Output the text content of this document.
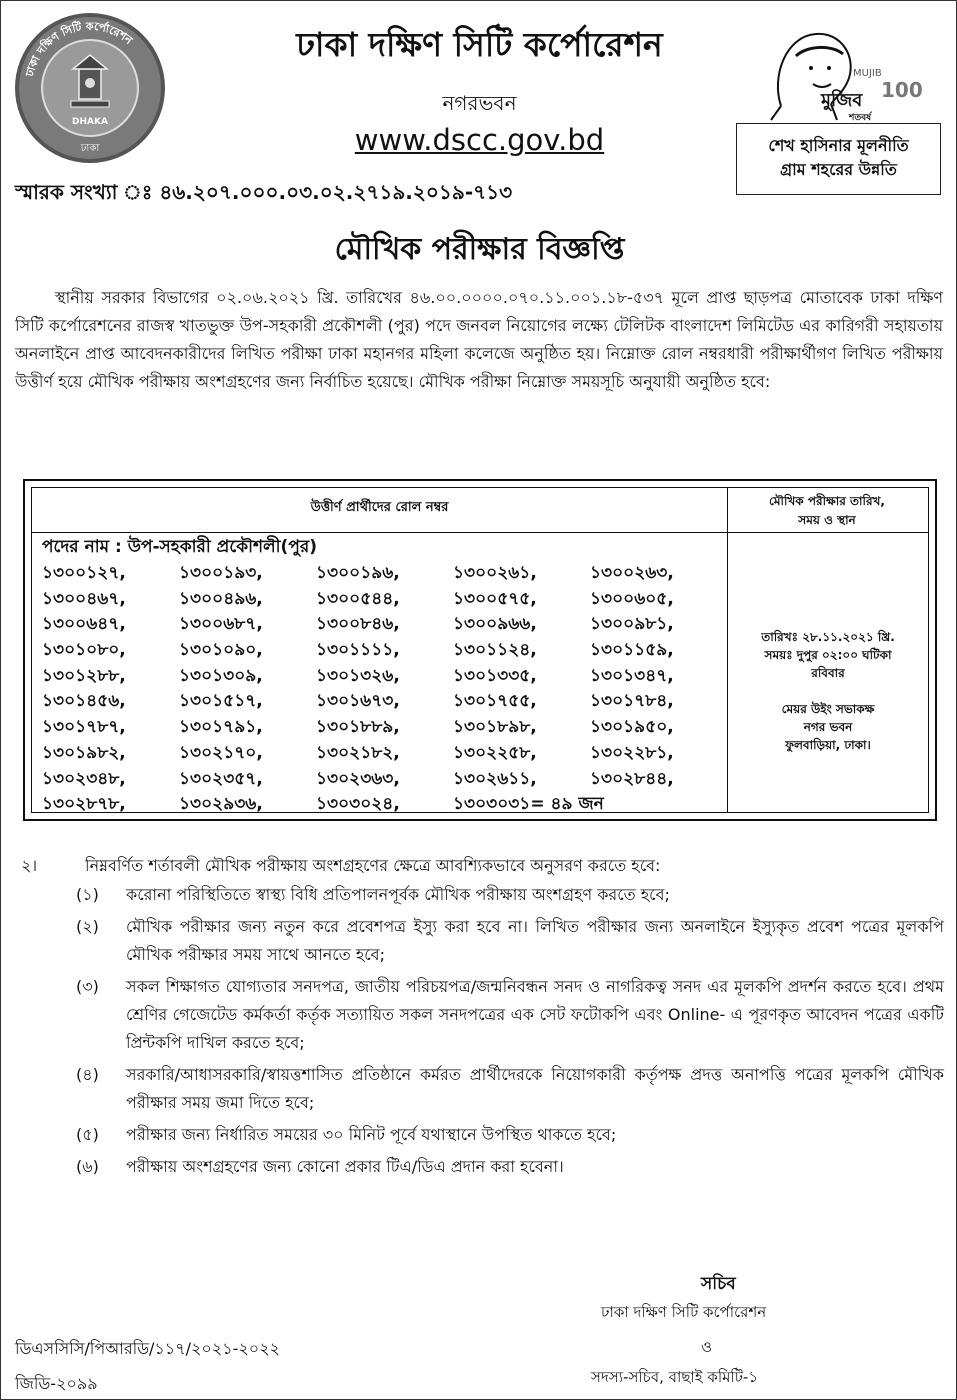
ঢাকা দক্ষিণ সিটি কর্পোরেশন
DHAKA
ঢাকা
ঢাকা দক্ষিণ সিটি কর্পোরেশন
নগরভবন
www.dscc.gov.bd
মুজিব
MUJIB
100
শতবর্ষ
শেখ হাসিনার মূলনীতি
গ্রাম শহরের উন্নতি
স্মারক সংখ্যা ঃ ৪৬.২০৭.০০০.০৩.০২.২৭১৯.২০১৯-৭১৩
মৌখিক পরীক্ষার বিজ্ঞপ্তি

স্থানীয় সরকার বিভাগের ০২.০৬.২০২১ খ্রি. তারিখের ৪৬.০০.০০০০.০৭০.১১.০০১.১৮-৫৩৭ মূলে প্রাপ্ত ছাড়পত্র মোতাবেক ঢাকা দক্ষিণ সিটি কর্পোরেশনের রাজস্ব খাতভুক্ত উপ-সহকারী প্রকৌশলী (পুর) পদে জনবল নিয়োগের লক্ষ্যে টেলিটক বাংলাদেশ লিমিটেড এর কারিগরী সহায়তায় অনলাইনে প্রাপ্ত আবেদনকারীদের লিখিত পরীক্ষা ঢাকা মহানগর মহিলা কলেজে অনুষ্ঠিত হয়। নিম্নোক্ত রোল নম্বরধারী পরীক্ষার্থীগণ লিখিত পরীক্ষায় উত্তীর্ণ হয়ে মৌখিক পরীক্ষায় অংশগ্রহণের জন্য নির্বাচিত হয়েছে। মৌখিক পরীক্ষা নিম্নোক্ত সময়সূচি অনুযায়ী অনুষ্ঠিত হবে:

উত্তীর্ণ প্রার্থীদের রোল নম্বর	মৌখিক পরীক্ষার তারিখ,
সময় ও স্থান
পদের নাম : উপ-সহকারী প্রকৌশলী(পুর)
১৩০০১২৭,	১৩০০১৯৩,	১৩০০১৯৬,	১৩০০২৬১,	১৩০০২৬৩,
১৩০০৪৬৭,	১৩০০৪৯৬,	১৩০০৫৪৪,	১৩০০৫৭৫,	১৩০০৬০৫,
১৩০০৬৪৭,	১৩০০৬৮৭,	১৩০০৮৪৬,	১৩০০৯৬৬,	১৩০০৯৮১,
১৩০১০৮০,	১৩০১০৯০,	১৩০১১১১,	১৩০১১২৪,	১৩০১১৫৯,
১৩০১২৮৮,	১৩০১৩০৯,	১৩০১৩২৬,	১৩০১৩৩৫,	১৩০১৩৪৭,
১৩০১৪৫৬,	১৩০১৫১৭,	১৩০১৬৭৩,	১৩০১৭৫৫,	১৩০১৭৮৪,
১৩০১৭৮৭,	১৩০১৭৯১,	১৩০১৮৮৯,	১৩০১৮৯৮,	১৩০১৯৫০,
১৩০১৯৮২,	১৩০২১৭০,	১৩০২১৮২,	১৩০২২৫৮,	১৩০২২৮১,
১৩০২৩৪৮,	১৩০২৩৫৭,	১৩০২৩৬৩,	১৩০২৬১১,	১৩০২৮৪৪,
১৩০২৮৭৮,	১৩০২৯৩৬,	১৩০৩০২৪,	১৩০৩০৩১= ৪৯ জন
তারিখঃ ২৮.১১.২০২১ খ্রি.
সময়ঃ দুপুর ০২:০০ ঘটিকা
রবিবার
মেয়র উইং সভাকক্ষ
নগর ভবন
ফুলবাড়িয়া, ঢাকা।
২।	নিম্নবর্ণিত শর্তাবলী মৌখিক পরীক্ষায় অংশগ্রহণের ক্ষেত্রে আবশ্যিকভাবে অনুসরণ করতে হবে:
(১) করোনা পরিস্থিতিতে স্বাস্থ্য বিধি প্রতিপালনপূর্বক মৌখিক পরীক্ষায় অংশগ্রহণ করতে হবে;
(২) মৌখিক পরীক্ষার জন্য নতুন করে প্রবেশপত্র ইস্যু করা হবে না। লিখিত পরীক্ষার জন্য অনলাইনে ইস্যুকৃত প্রবেশ পত্রের মূলকপি মৌখিক পরীক্ষার সময় সাথে আনতে হবে;
(৩) সকল শিক্ষাগত যোগ্যতার সনদপত্র, জাতীয় পরিচয়পত্র/জন্মনিবন্ধন সনদ ও নাগরিকত্ব সনদ এর মূলকপি প্রদর্শন করতে হবে। প্রথম শ্রেণির গেজেটেড কর্মকর্তা কর্তৃক সত্যায়িত সকল সনদপত্রের এক সেট ফটোকপি এবং Online- এ পূরণকৃত আবেদন পত্রের একটি প্রিন্টকপি দাখিল করতে হবে;
(৪) সরকারি/আধাসরকারি/স্বায়ত্তশাসিত প্রতিষ্ঠানে কর্মরত প্রার্থীদেরকে নিয়োগকারী কর্তৃপক্ষ প্রদত্ত অনাপত্তি পত্রের মূলকপি মৌখিক পরীক্ষার সময় জমা দিতে হবে;
(৫) পরীক্ষার জন্য নির্ধারিত সময়ের ৩০ মিনিট পূর্বে যথাস্থানে উপস্থিত থাকতে হবে;
(৬) পরীক্ষায় অংশগ্রহণের জন্য কোনো প্রকার টিএ/ডিএ প্রদান করা হবেনা।
সচিব
ঢাকা দক্ষিণ সিটি কর্পোরেশন
ও
সদস্য-সচিব, বাছাই কমিটি-১
ডিএসসিসি/পিআরডি/১১৭/২০২১-২০২২
জিডি-২০৯৯
